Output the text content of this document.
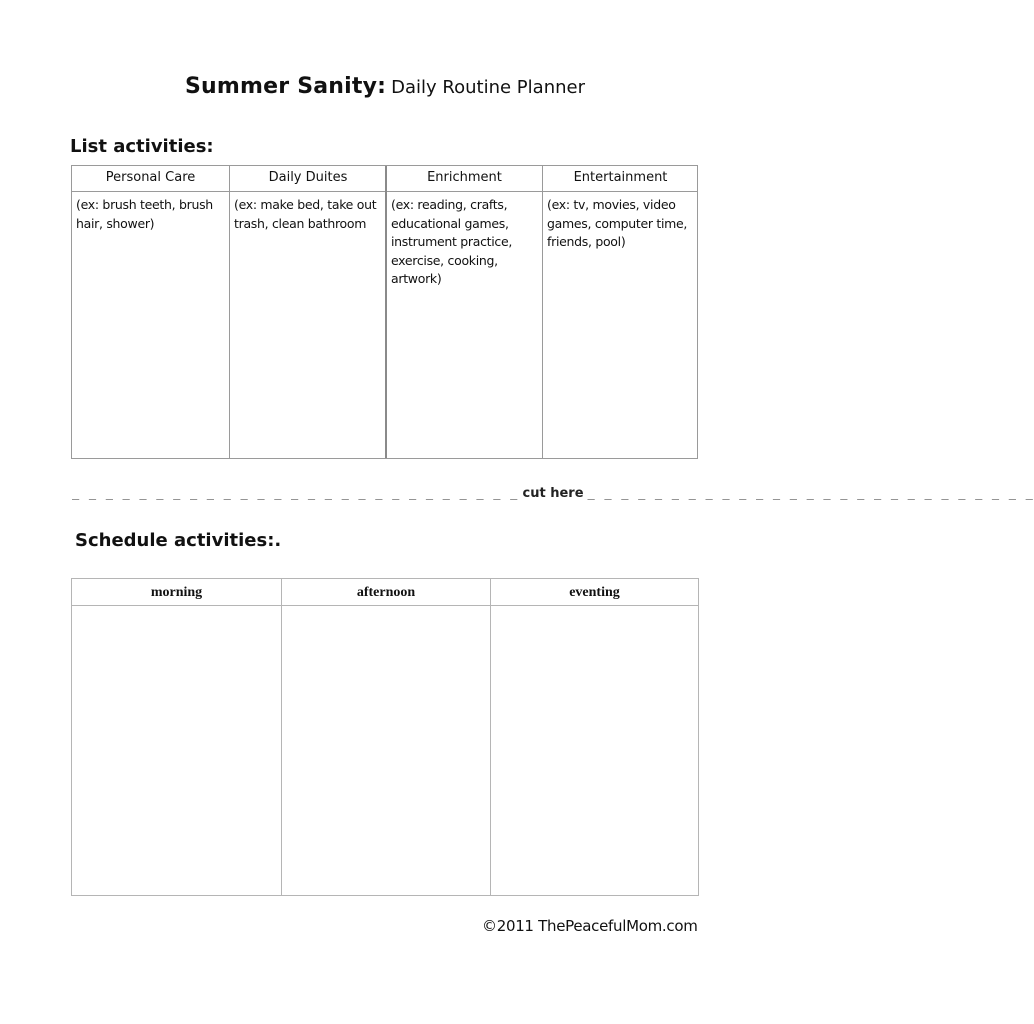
Summer Sanity: Daily Routine Planner
List activities:
Personal Care
(ex: brush teeth, brush hair, shower)
Daily Duites
(ex: make bed, take out trash, clean bathroom
Enrichment
(ex: reading, crafts, educational games, instrument practice, exercise, cooking, artwork)
Entertainment
(ex: tv, movies, video games, computer time, friends, pool)
_ _ _ _ _ _ _ _ _ _ _ _ _ _ _ _ _ _ _ _ _ _ _ _ _ _ _ cut here _ _ _ _ _ _ _ _ _ _ _ _ _ _ _ _ _ _ _ _ _ _ _ _ _ _ _
Schedule activities:.
morning	afternoon	eventing
©2011 ThePeacefulMom.com
